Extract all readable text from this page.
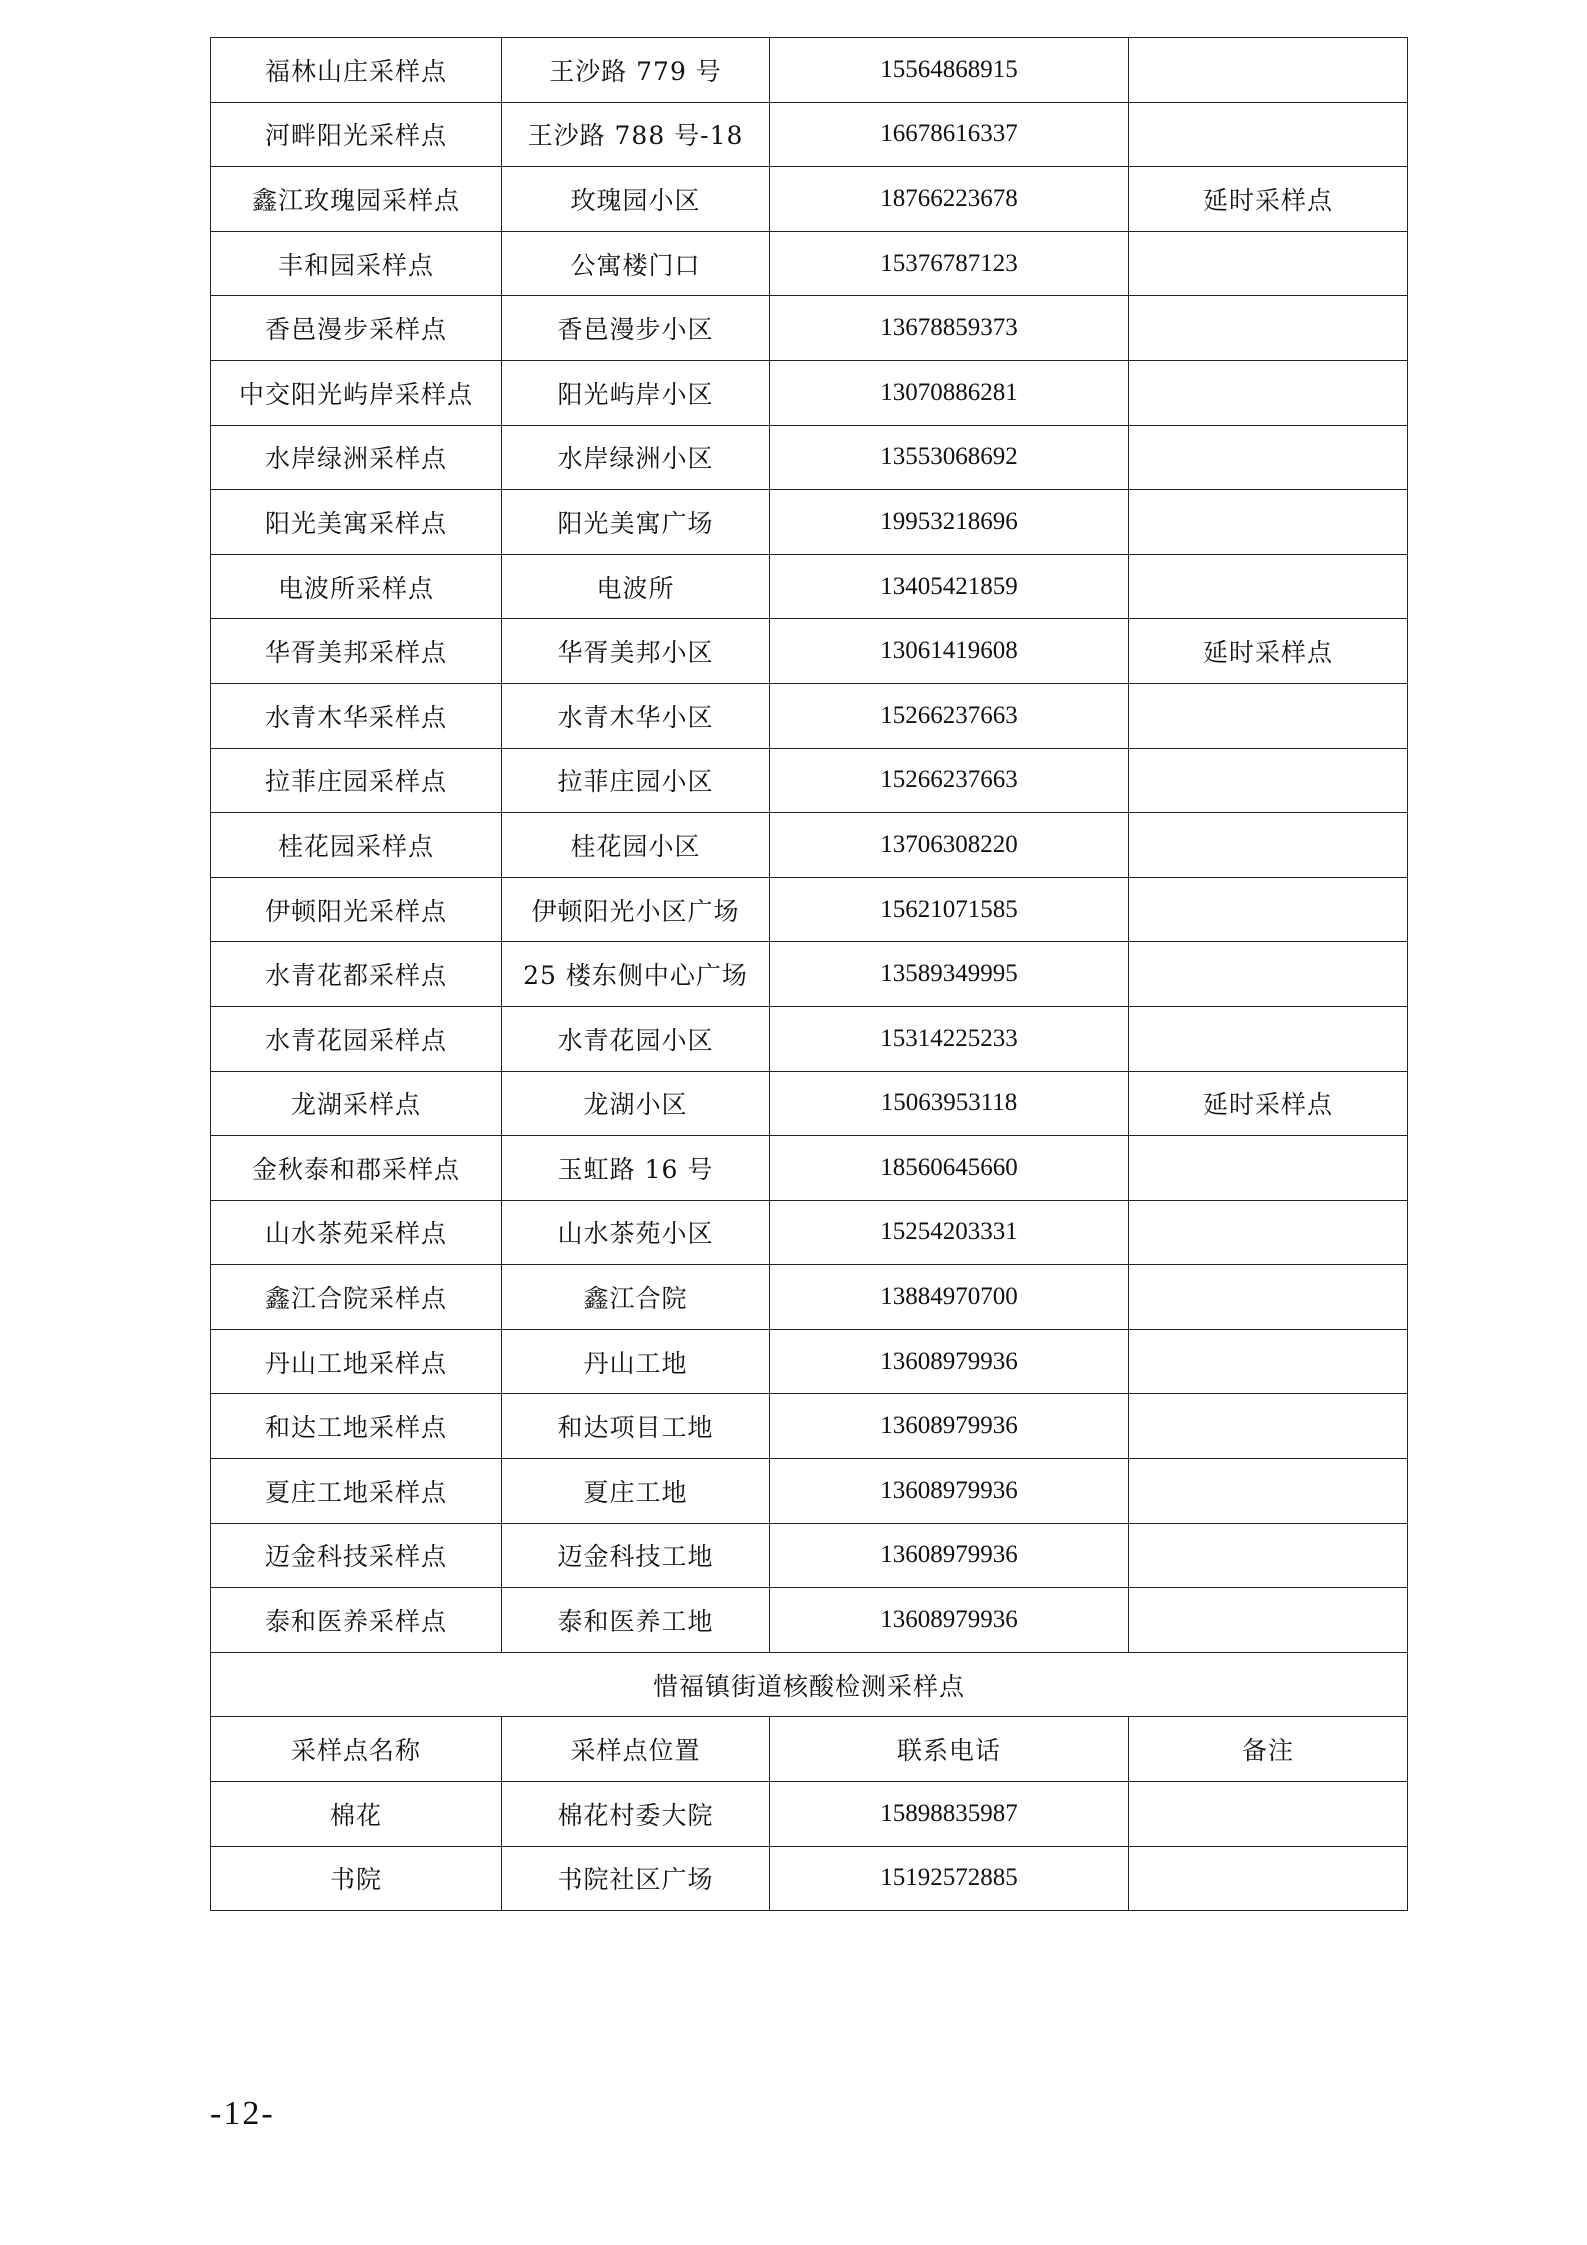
福林山庄采样点	王沙路 779 号	15564868915	
河畔阳光采样点	王沙路 788 号-18	16678616337	
鑫江玫瑰园采样点	玫瑰园小区	18766223678	延时采样点
丰和园采样点	公寓楼门口	15376787123	
香邑漫步采样点	香邑漫步小区	13678859373	
中交阳光屿岸采样点	阳光屿岸小区	13070886281	
水岸绿洲采样点	水岸绿洲小区	13553068692	
阳光美寓采样点	阳光美寓广场	19953218696	
电波所采样点	电波所	13405421859	
华胥美邦采样点	华胥美邦小区	13061419608	延时采样点
水青木华采样点	水青木华小区	15266237663	
拉菲庄园采样点	拉菲庄园小区	15266237663	
桂花园采样点	桂花园小区	13706308220	
伊顿阳光采样点	伊顿阳光小区广场	15621071585	
水青花都采样点	25 楼东侧中心广场	13589349995	
水青花园采样点	水青花园小区	15314225233	
龙湖采样点	龙湖小区	15063953118	延时采样点
金秋泰和郡采样点	玉虹路 16 号	18560645660	
山水茶苑采样点	山水茶苑小区	15254203331	
鑫江合院采样点	鑫江合院	13884970700	
丹山工地采样点	丹山工地	13608979936	
和达工地采样点	和达项目工地	13608979936	
夏庄工地采样点	夏庄工地	13608979936	
迈金科技采样点	迈金科技工地	13608979936	
泰和医养采样点	泰和医养工地	13608979936	
惜福镇街道核酸检测采样点			
采样点名称	采样点位置	联系电话	备注
棉花	棉花村委大院	15898835987	
书院	书院社区广场	15192572885	
-12-
